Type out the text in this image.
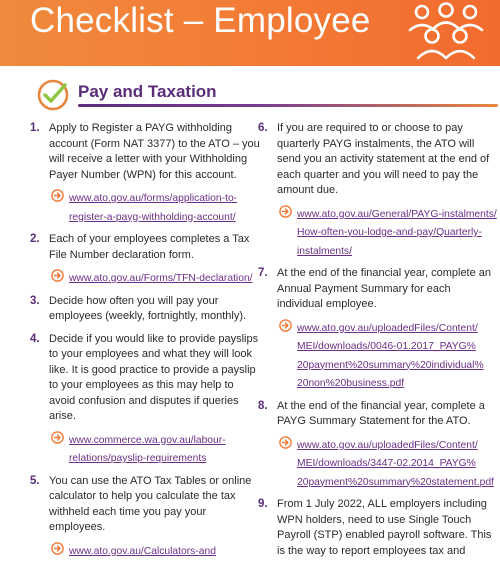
Checklist – Employee
Pay and Taxation
1. Apply to Register a PAYG withholding account (Form NAT 3377) to the ATO – you will receive a letter with your Withholding Payer Number (WPN) for this account.
www.ato.gov.au/forms/application-to-register-a-payg-withholding-account/
2. Each of your employees completes a Tax File Number declaration form.
www.ato.gov.au/Forms/TFN-declaration/
3. Decide how often you will pay your employees (weekly, fortnightly, monthly).
4. Decide if you would like to provide payslips to your employees and what they will look like. It is good practice to provide a payslip to your employees as this may help to avoid confusion and disputes if queries arise.
www.commerce.wa.gov.au/labour-relations/payslip-requirements
5. You can use the ATO Tax Tables or online calculator to help you calculate the tax withheld each time you pay your employees.
www.ato.gov.au/Calculators-and
6. If you are required to or choose to pay quarterly PAYG instalments, the ATO will send you an activity statement at the end of each quarter and you will need to pay the amount due.
www.ato.gov.au/General/PAYG-instalments/How-often-you-lodge-and-pay/Quarterly-instalments/
7. At the end of the financial year, complete an Annual Payment Summary for each individual employee.
www.ato.gov.au/uploadedFiles/Content/MEI/downloads/0046-01.2017_PAYG%20payment%20summary%20individual%20non%20business.pdf
8. At the end of the financial year, complete a PAYG Summary Statement for the ATO.
www.ato.gov.au/uploadedFiles/Content/MEI/downloads/3447-02.2014_PAYG%20payment%20summary%20statement.pdf
9. From 1 July 2022, ALL employers including WPN holders, need to use Single Touch Payroll (STP) enabled payroll software. This is the way to report employees tax and
